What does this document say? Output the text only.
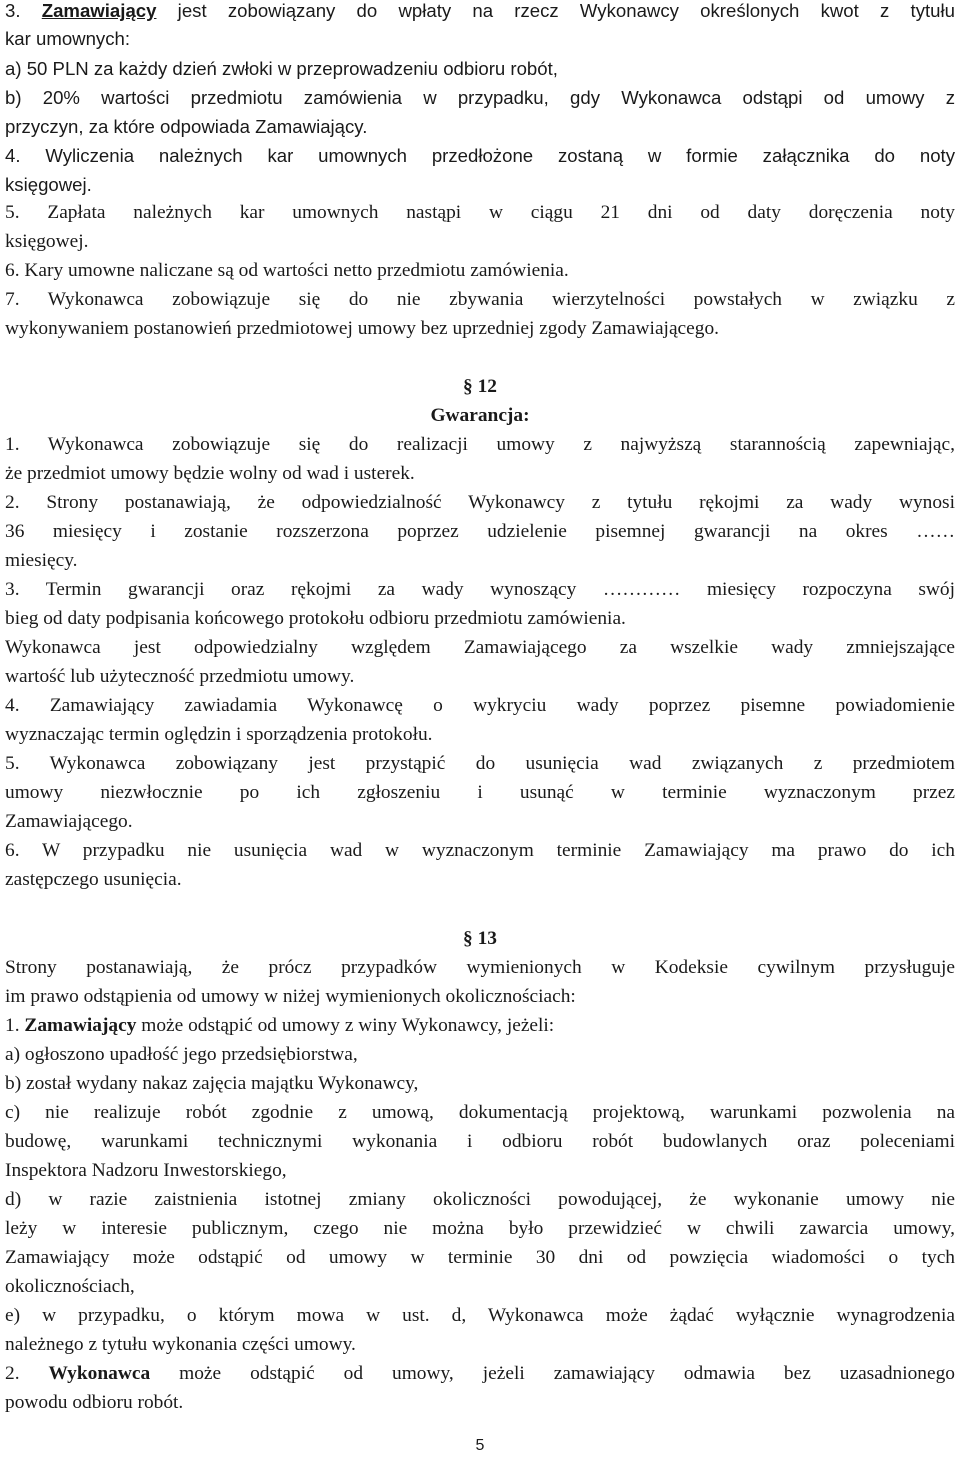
3. Zamawiający jest zobowiązany do wpłaty na rzecz Wykonawcy określonych kwot z tytułu
kar umownych:
a) 50 PLN za każdy dzień zwłoki w przeprowadzeniu odbioru robót,
b) 20% wartości przedmiotu zamówienia w przypadku, gdy Wykonawca odstąpi od umowy z
przyczyn, za które odpowiada Zamawiający.
4. Wyliczenia należnych kar umownych przedłożone zostaną w formie załącznika do noty
księgowej.
5. Zapłata należnych kar umownych nastąpi w ciągu 21 dni od daty doręczenia noty
księgowej.
6. Kary umowne naliczane są od wartości netto przedmiotu zamówienia.
7. Wykonawca zobowiązuje się do nie zbywania wierzytelności powstałych w związku z
wykonywaniem postanowień przedmiotowej umowy bez uprzedniej zgody Zamawiającego.
§ 12
Gwarancja:
1. Wykonawca zobowiązuje się do realizacji umowy z najwyższą starannością zapewniając,
że przedmiot umowy będzie wolny od wad i usterek.
2. Strony postanawiają, że odpowiedzialność Wykonawcy z tytułu rękojmi za wady wynosi
36 miesięcy i zostanie rozszerzona poprzez udzielenie pisemnej gwarancji na okres ……
miesięcy.
3. Termin gwarancji oraz rękojmi za wady wynoszący ………… miesięcy rozpoczyna swój
bieg od daty podpisania końcowego protokołu odbioru przedmiotu zamówienia.
Wykonawca jest odpowiedzialny względem Zamawiającego za wszelkie wady zmniejszające
wartość lub użyteczność przedmiotu umowy.
4. Zamawiający zawiadamia Wykonawcę o wykryciu wady poprzez pisemne powiadomienie
wyznaczając termin oględzin i sporządzenia protokołu.
5. Wykonawca zobowiązany jest przystąpić do usunięcia wad związanych z przedmiotem
umowy niezwłocznie po ich zgłoszeniu i usunąć w terminie wyznaczonym przez
Zamawiającego.
6. W przypadku nie usunięcia wad w wyznaczonym terminie Zamawiający ma prawo do ich
zastępczego usunięcia.
§ 13
Strony postanawiają, że prócz przypadków wymienionych w Kodeksie cywilnym przysługuje
im prawo odstąpienia od umowy w niżej wymienionych okolicznościach:
1. Zamawiający może odstąpić od umowy z winy Wykonawcy, jeżeli:
a) ogłoszono upadłość jego przedsiębiorstwa,
b) został wydany nakaz zajęcia majątku Wykonawcy,
c) nie realizuje robót zgodnie z umową, dokumentacją projektową, warunkami pozwolenia na
budowę, warunkami technicznymi wykonania i odbioru robót budowlanych oraz poleceniami
Inspektora Nadzoru Inwestorskiego,
d) w razie zaistnienia istotnej zmiany okoliczności powodującej, że wykonanie umowy nie
leży w interesie publicznym, czego nie można było przewidzieć w chwili zawarcia umowy,
Zamawiający może odstąpić od umowy w terminie 30 dni od powzięcia wiadomości o tych
okolicznościach,
e) w przypadku, o którym mowa w ust. d, Wykonawca może żądać wyłącznie wynagrodzenia
należnego z tytułu wykonania części umowy.
2. Wykonawca może odstąpić od umowy, jeżeli zamawiający odmawia bez uzasadnionego
powodu odbioru robót.
5
